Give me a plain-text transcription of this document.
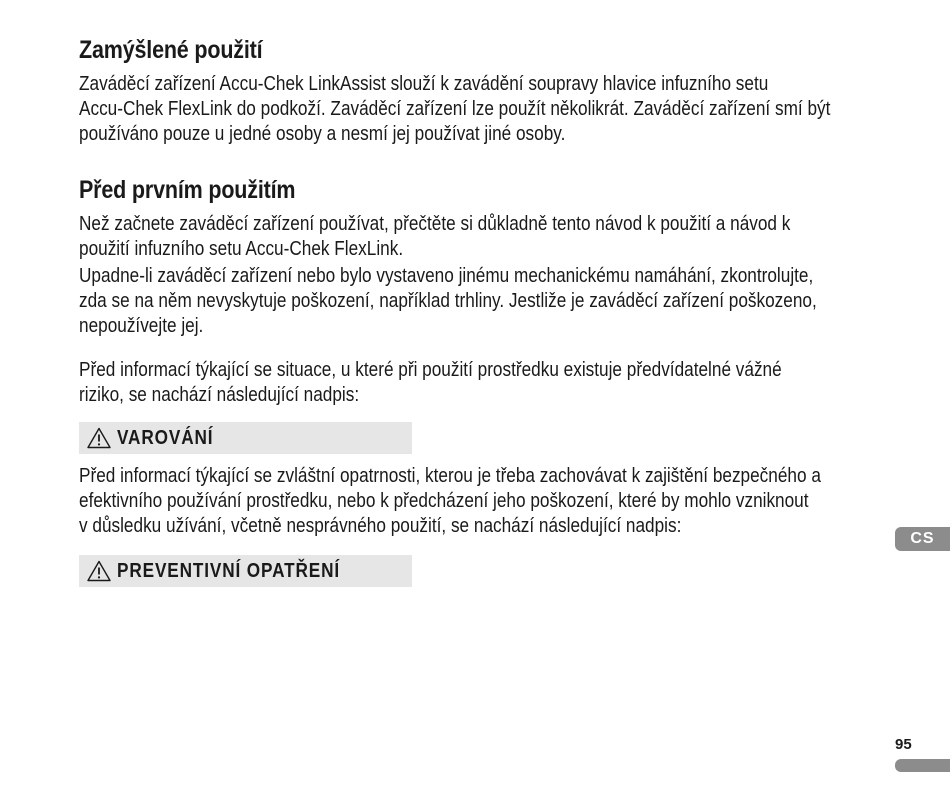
Zamýšlené použití

Zaváděcí zařízení Accu-Chek LinkAssist slouží k zavádění soupravy hlavice infuzního setu
Accu-Chek FlexLink do podkoží. Zaváděcí zařízení lze použít několikrát. Zaváděcí zařízení smí být
používáno pouze u jedné osoby a nesmí jej používat jiné osoby.

Před prvním použitím

Než začnete zaváděcí zařízení používat, přečtěte si důkladně tento návod k použití a návod k
použití infuzního setu Accu-Chek FlexLink.

Upadne-li zaváděcí zařízení nebo bylo vystaveno jinému mechanickému namáhání, zkontrolujte,
zda se na něm nevyskytuje poškození, například trhliny. Jestliže je zaváděcí zařízení poškozeno,
nepoužívejte jej.

Před informací týkající se situace, u které při použití prostředku existuje předvídatelné vážné
riziko, se nachází následující nadpis:

VAROVÁNÍ

Před informací týkající se zvláštní opatrnosti, kterou je třeba zachovávat k zajištění bezpečného a
efektivního používání prostředku, nebo k předcházení jeho poškození, které by mohlo vzniknout
v důsledku užívání, včetně nesprávného použití, se nachází následující nadpis:

PREVENTIVNÍ OPATŘENÍ
CS
95
